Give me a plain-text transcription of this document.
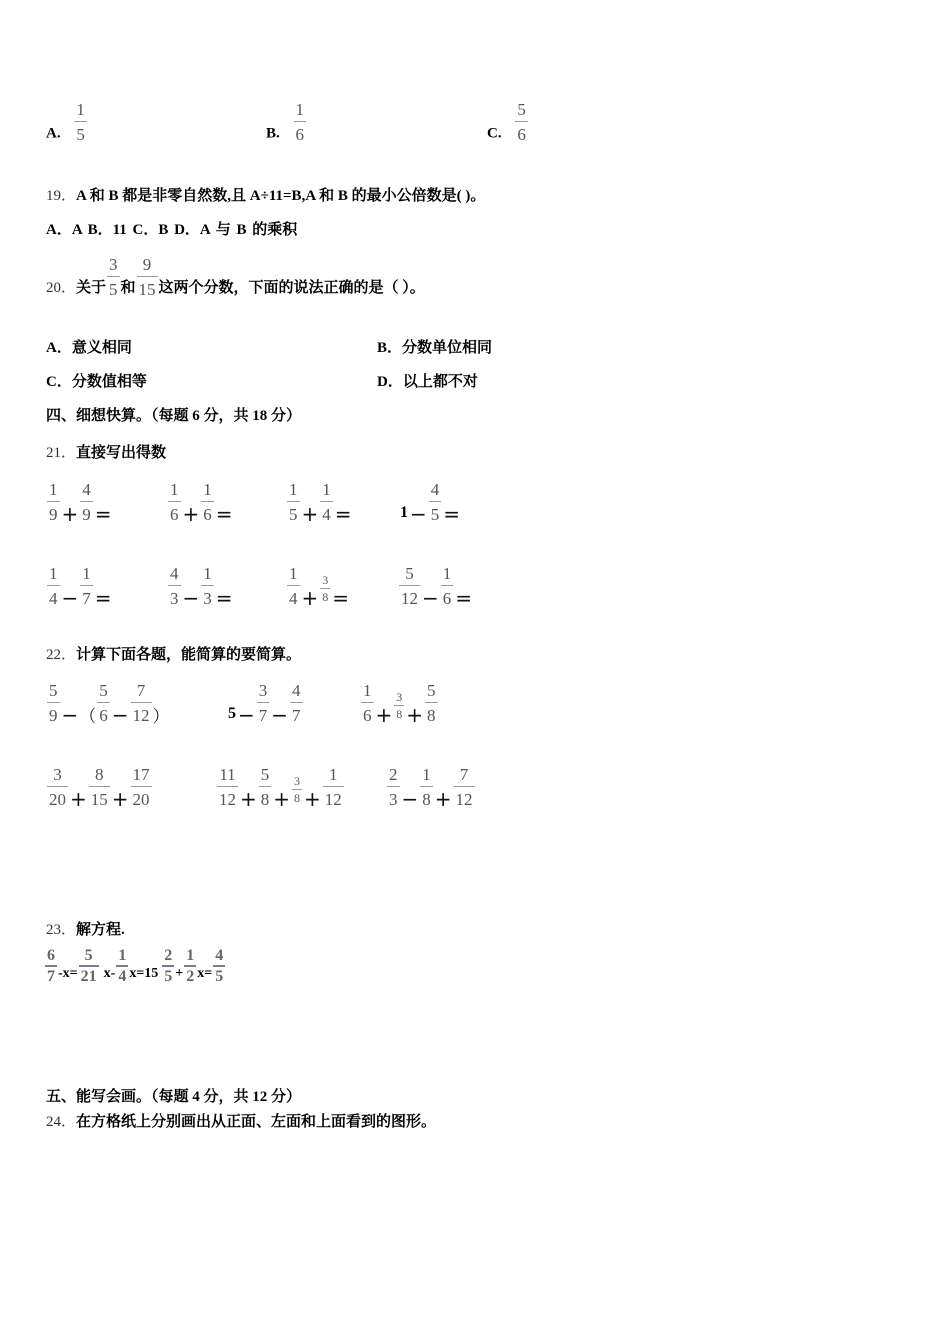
A. $\frac{1}{5}$	B. $\frac{1}{6}$	C. $\frac{5}{6}$
19．A 和 B 都是非零自然数,且 A÷11=B,A 和 B 的最小公倍数是( )。
A．A B．11 C．B D．A 与 B 的乘积
20． 关于 $\frac{3}{5}$ 和 $\frac{9}{15}$ 这两个分数，下面的说法正确的是（ ）。
A．意义相同	B．分数单位相同
C．分数值相等	D．以上都不对
四、细想快算。（每题 6 分，共 18 分）
21．直接写出得数
$\frac{1}{9} + \frac{4}{9}$ =	$\frac{1}{6} + \frac{1}{6}$ =	$\frac{1}{5} + \frac{1}{4}$ =	$1 - \frac{4}{5}$ =
$\frac{1}{4} - \frac{1}{7}$ =	$\frac{4}{3} - \frac{1}{3}$ =	$\frac{1}{4} + \frac{3}{8}$ =	$\frac{5}{12} - \frac{1}{6}$ =
22．计算下面各题，能简算的要简算。
$\frac{5}{9}$ − （ $\frac{5}{6} - \frac{7}{12}$ ）	$5 - \frac{3}{7} - \frac{4}{7}$	$\frac{1}{6} + \frac{3}{8} + \frac{5}{8}$
$\frac{3}{20} + \frac{8}{15} + \frac{17}{20}$	$\frac{11}{12} + \frac{5}{8} + \frac{3}{8} + \frac{1}{12}$	$\frac{2}{3} - \frac{1}{8} + \frac{7}{12}$
23．解方程.
$\frac{6}{7} -x= \frac{5}{21} x- \frac{1}{4} x=15 \frac{2}{5} + \frac{1}{2} x= \frac{4}{5}$
五、能写会画。（每题 4 分，共 12 分）
24．在方格纸上分别画出从正面、左面和上面看到的图形。
